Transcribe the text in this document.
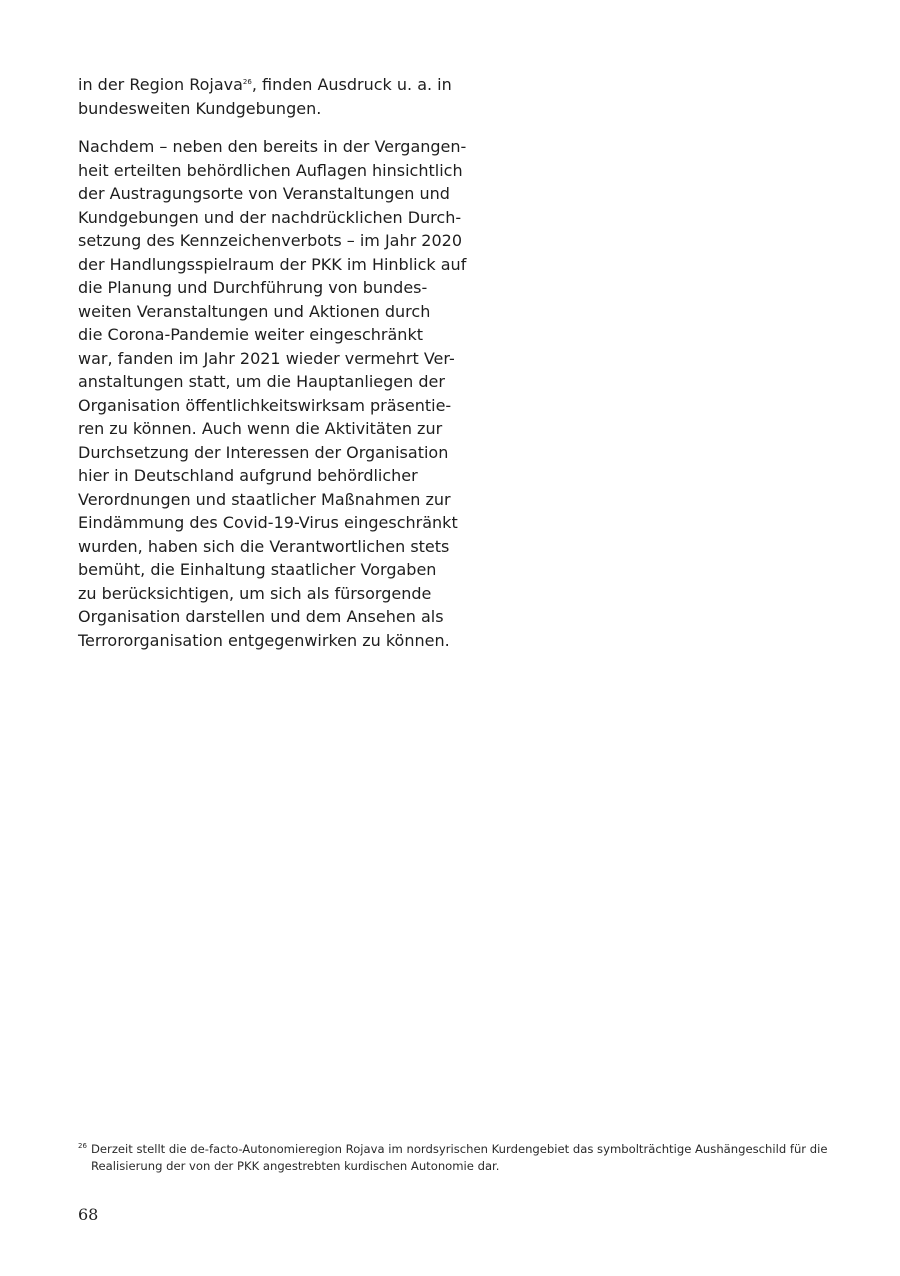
in der Region Rojava$^{26}$, finden Ausdruck u. a. in
bundesweiten Kundgebungen.

Nachdem – neben den bereits in der Vergangen-
heit erteilten behördlichen Auflagen hinsichtlich
der Austragungsorte von Veranstaltungen und
Kundgebungen und der nachdrücklichen Durch-
setzung des Kennzeichenverbots – im Jahr 2020
der Handlungsspielraum der PKK im Hinblick auf
die Planung und Durchführung von bundes-
weiten Veranstaltungen und Aktionen durch
die Corona-Pandemie weiter eingeschränkt
war, fanden im Jahr 2021 wieder vermehrt Ver-
anstaltungen statt, um die Hauptanliegen der
Organisation öffentlichkeitswirksam präsentie-
ren zu können. Auch wenn die Aktivitäten zur
Durchsetzung der Interessen der Organisation
hier in Deutschland aufgrund behördlicher
Verordnungen und staatlicher Maßnahmen zur
Eindämmung des Covid-19-Virus eingeschränkt
wurden, haben sich die Verantwortlichen stets
bemüht, die Einhaltung staatlicher Vorgaben
zu berücksichtigen, um sich als fürsorgende
Organisation darstellen und dem Ansehen als
Terrororganisation entgegenwirken zu können.

26 Derzeit stellt die de-facto-Autonomieregion Rojava im nordsyrischen Kurdengebiet das symbolträchtige Aushängeschild für die
Realisierung der von der PKK angestrebten kurdischen Autonomie dar.
68
